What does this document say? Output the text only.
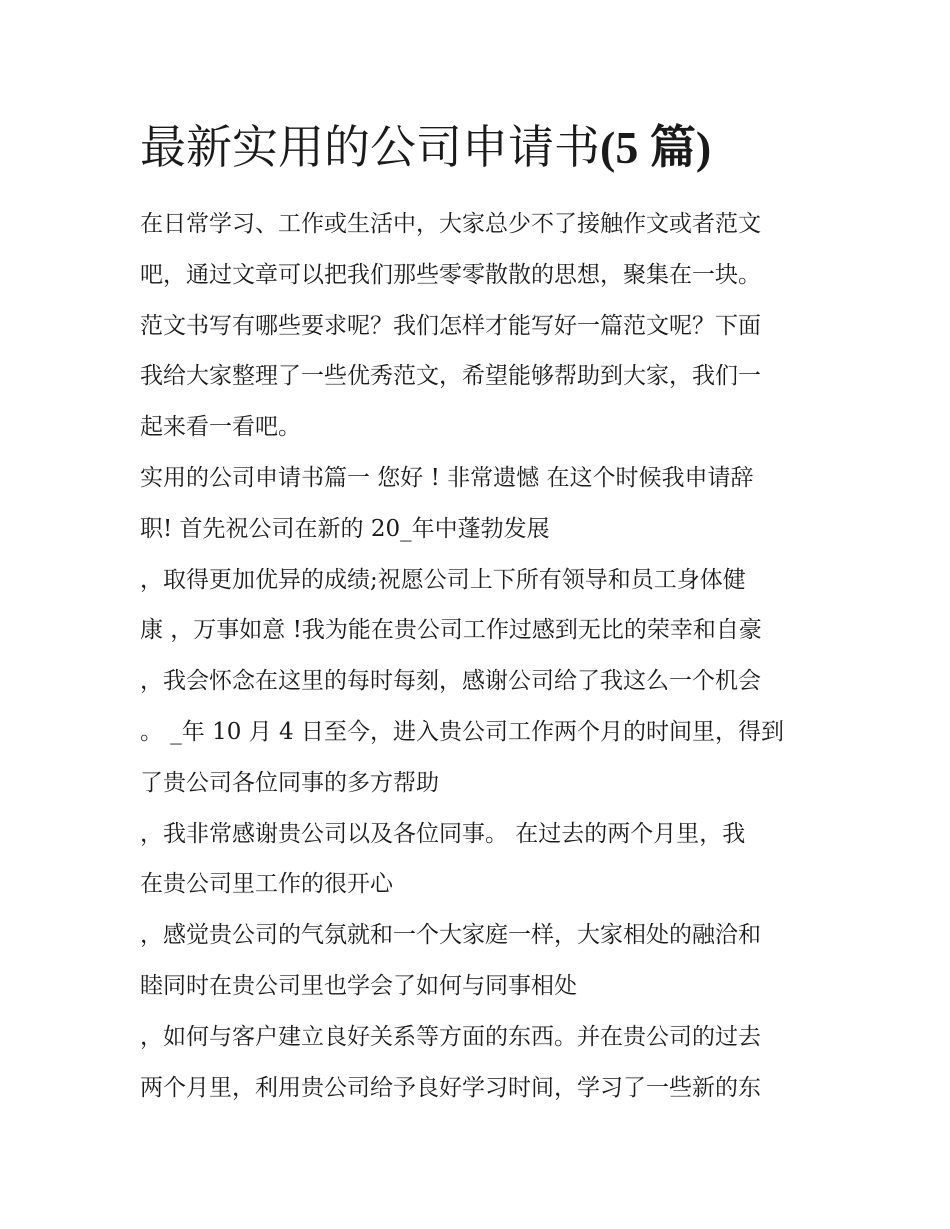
最新实用的公司申请书(5 篇)
在日常学习、工作或生活中，大家总少不了接触作文或者范文
吧，通过文章可以把我们那些零零散散的思想，聚集在一块。
范文书写有哪些要求呢？我们怎样才能写好一篇范文呢？下面
我给大家整理了一些优秀范文，希望能够帮助到大家，我们一
起来看一看吧。
实用的公司申请书篇一 您好 ! 非常遗憾 在这个时候我申请辞
职! 首先祝公司在新的 20_年中蓬勃发展
，取得更加优异的成绩;祝愿公司上下所有领导和员工身体健
康 ，万事如意 !我为能在贵公司工作过感到无比的荣幸和自豪
，我会怀念在这里的每时每刻，感谢公司给了我这么一个机会
。 _年 10 月 4 日至今，进入贵公司工作两个月的时间里，得到
了贵公司各位同事的多方帮助
，我非常感谢贵公司以及各位同事。 在过去的两个月里，我
在贵公司里工作的很开心
，感觉贵公司的气氛就和一个大家庭一样，大家相处的融洽和
睦同时在贵公司里也学会了如何与同事相处
，如何与客户建立良好关系等方面的东西。并在贵公司的过去
两个月里，利用贵公司给予良好学习时间，学习了一些新的东
